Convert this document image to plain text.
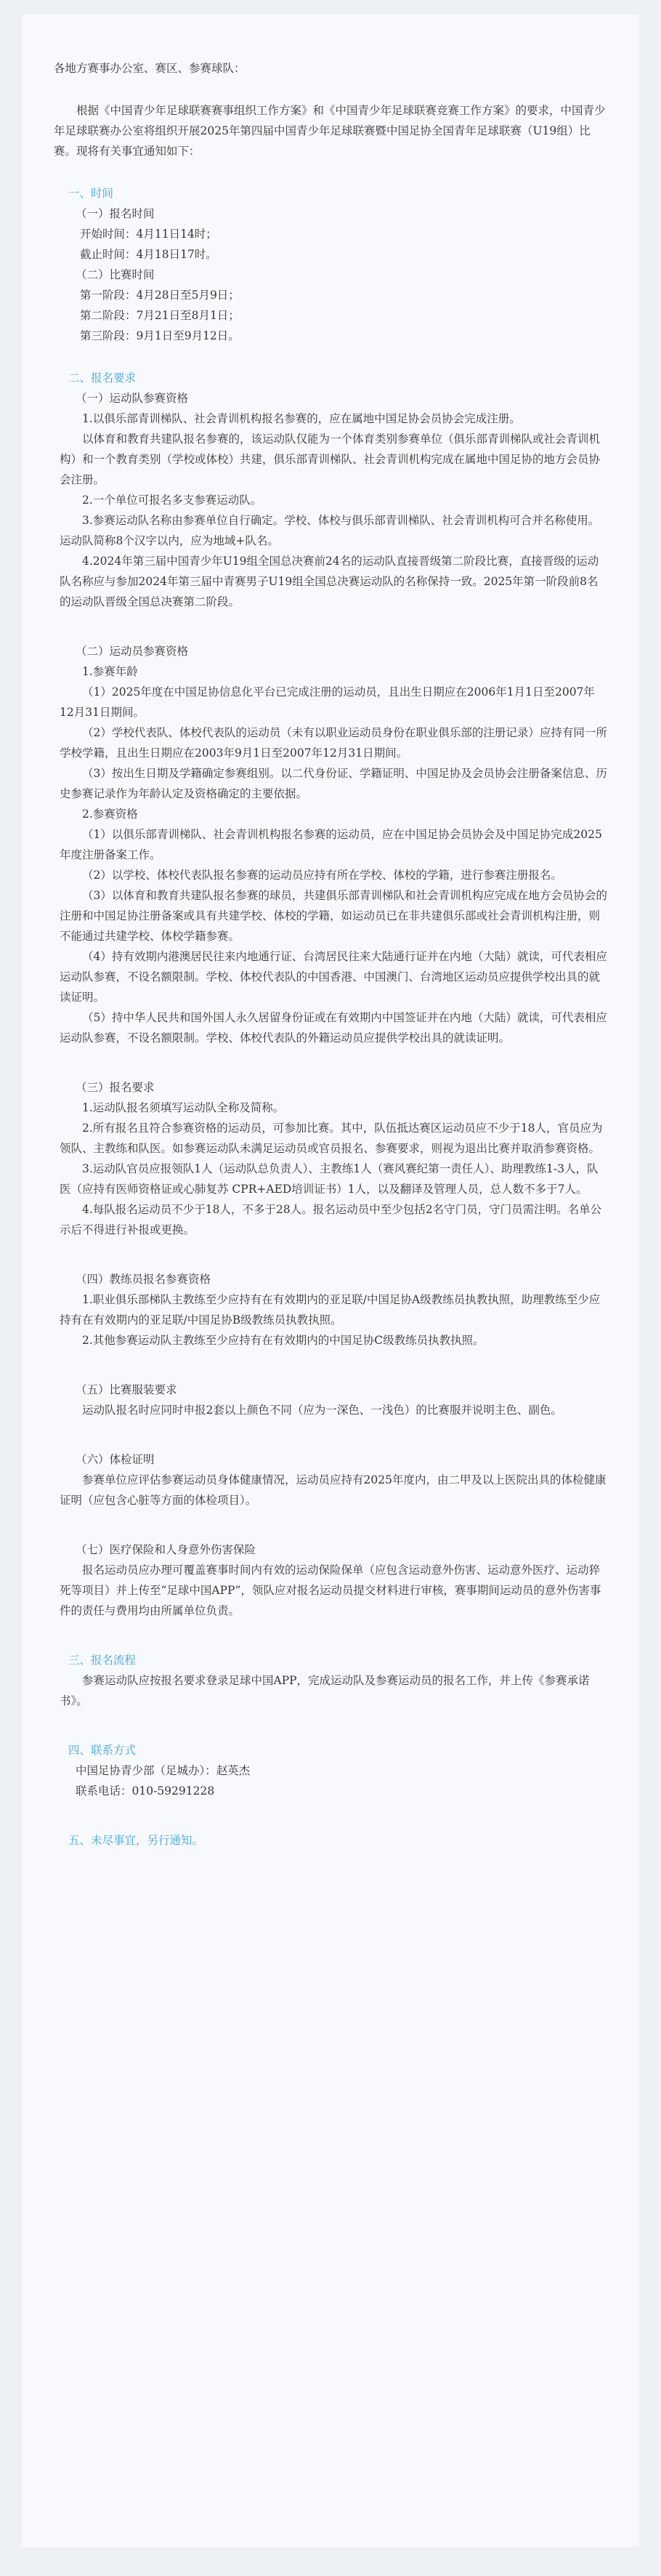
各地方赛事办公室、赛区、参赛球队：

根据《中国青少年足球联赛赛事组织工作方案》和《中国青少年足球联赛竞赛工作方案》的要求，中国青少年足球联赛办公室将组织开展2025年第四届中国青少年足球联赛暨中国足协全国青年足球联赛（U19组）比赛。现将有关事宜通知如下：

一、时间

（一）报名时间

开始时间：4月11日14时；

截止时间：4月18日17时。

（二）比赛时间

第一阶段：4月28日至5月9日；

第二阶段：7月21日至8月1日；

第三阶段：9月1日至9月12日。

二、报名要求

（一）运动队参赛资格

1.以俱乐部青训梯队、社会青训机构报名参赛的，应在属地中国足协会员协会完成注册。

以体育和教育共建队报名参赛的，该运动队仅能为一个体育类别参赛单位（俱乐部青训梯队或社会青训机构）和一个教育类别（学校或体校）共建，俱乐部青训梯队、社会青训机构完成在属地中国足协的地方会员协会注册。

2.一个单位可报名多支参赛运动队。

3.参赛运动队名称由参赛单位自行确定。学校、体校与俱乐部青训梯队、社会青训机构可合并名称使用。运动队简称8个汉字以内，应为地域+队名。

4.2024年第三届中国青少年U19组全国总决赛前24名的运动队直接晋级第二阶段比赛，直接晋级的运动队名称应与参加2024年第三届中青赛男子U19组全国总决赛运动队的名称保持一致。2025年第一阶段前8名的运动队晋级全国总决赛第二阶段。

（二）运动员参赛资格

1.参赛年龄

（1）2025年度在中国足协信息化平台已完成注册的运动员，且出生日期应在2006年1月1日至2007年12月31日期间。

（2）学校代表队、体校代表队的运动员（未有以职业运动员身份在职业俱乐部的注册记录）应持有同一所学校学籍，且出生日期应在2003年9月1日至2007年12月31日期间。

（3）按出生日期及学籍确定参赛组别。以二代身份证、学籍证明、中国足协及会员协会注册备案信息、历史参赛记录作为年龄认定及资格确定的主要依据。

2.参赛资格

（1）以俱乐部青训梯队、社会青训机构报名参赛的运动员，应在中国足协会员协会及中国足协完成2025年度注册备案工作。

（2）以学校、体校代表队报名参赛的运动员应持有所在学校、体校的学籍，进行参赛注册报名。

（3）以体育和教育共建队报名参赛的球员，共建俱乐部青训梯队和社会青训机构应完成在地方会员协会的注册和中国足协注册备案或具有共建学校、体校的学籍，如运动员已在非共建俱乐部或社会青训机构注册，则不能通过共建学校、体校学籍参赛。

（4）持有效期内港澳居民往来内地通行证、台湾居民往来大陆通行证并在内地（大陆）就读，可代表相应运动队参赛，不设名额限制。学校、体校代表队的中国香港、中国澳门、台湾地区运动员应提供学校出具的就读证明。

（5）持中华人民共和国外国人永久居留身份证或在有效期内中国签证并在内地（大陆）就读，可代表相应运动队参赛，不设名额限制。学校、体校代表队的外籍运动员应提供学校出具的就读证明。

（三）报名要求

1.运动队报名须填写运动队全称及简称。

2.所有报名且符合参赛资格的运动员，可参加比赛。其中，队伍抵达赛区运动员应不少于18人，官员应为领队、主教练和队医。如参赛运动队未满足运动员或官员报名、参赛要求，则视为退出比赛并取消参赛资格。

3.运动队官员应报领队1人（运动队总负责人）、主教练1人（赛风赛纪第一责任人）、助理教练1-3人，队医（应持有医师资格证或心肺复苏 CPR+AED培训证书）1人，以及翻译及管理人员，总人数不多于7人。

4.每队报名运动员不少于18人，不多于28人。报名运动员中至少包括2名守门员，守门员需注明。名单公示后不得进行补报或更换。

（四）教练员报名参赛资格

1.职业俱乐部梯队主教练至少应持有在有效期内的亚足联/中国足协A级教练员执教执照，助理教练至少应持有在有效期内的亚足联/中国足协B级教练员执教执照。

2.其他参赛运动队主教练至少应持有在有效期内的中国足协C级教练员执教执照。

（五）比赛服装要求

运动队报名时应同时申报2套以上颜色不同（应为一深色、一浅色）的比赛服并说明主色、副色。

（六）体检证明

参赛单位应评估参赛运动员身体健康情况，运动员应持有2025年度内，由二甲及以上医院出具的体检健康证明（应包含心脏等方面的体检项目）。

（七）医疗保险和人身意外伤害保险

报名运动员应办理可覆盖赛事时间内有效的运动保险保单（应包含运动意外伤害、运动意外医疗、运动猝死等项目）并上传至“足球中国APP”，领队应对报名运动员提交材料进行审核，赛事期间运动员的意外伤害事件的责任与费用均由所属单位负责。

三、报名流程

参赛运动队应按报名要求登录足球中国APP，完成运动队及参赛运动员的报名工作，并上传《参赛承诺书》。

四、联系方式

中国足协青少部（足城办）：赵英杰

联系电话：010-59291228

五、未尽事宜，另行通知。
